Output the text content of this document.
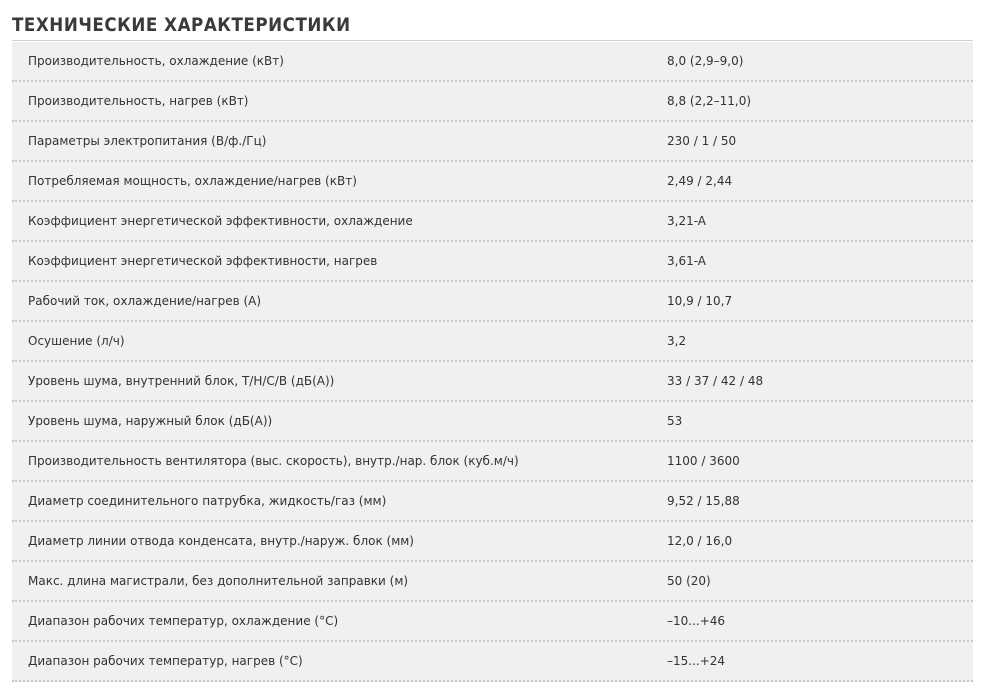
ТЕХНИЧЕСКИЕ ХАРАКТЕРИСТИКИ
Производительность, охлаждение (кВт)	8,0 (2,9–9,0)
Производительность, нагрев (кВт)	8,8 (2,2–11,0)
Параметры электропитания (В/ф./Гц)	230 / 1 / 50
Потребляемая мощность, охлаждение/нагрев (кВт)	2,49 / 2,44
Коэффициент энергетической эффективности, охлаждение	3,21-A
Коэффициент энергетической эффективности, нагрев	3,61-A
Рабочий ток, охлаждение/нагрев (А)	10,9 / 10,7
Осушение (л/ч)	3,2
Уровень шума, внутренний блок, Т/Н/С/В (дБ(А))	33 / 37 / 42 / 48
Уровень шума, наружный блок (дБ(А))	53
Производительность вентилятора (выс. скорость), внутр./нар. блок (куб.м/ч)	1100 / 3600
Диаметр соединительного патрубка, жидкость/газ (мм)	9,52 / 15,88
Диаметр линии отвода конденсата, внутр./наруж. блок (мм)	12,0 / 16,0
Макс. длина магистрали, без дополнительной заправки (м)	50 (20)
Диапазон рабочих температур, охлаждение (°С)	–10...+46
Диапазон рабочих температур, нагрев (°С)	–15...+24
